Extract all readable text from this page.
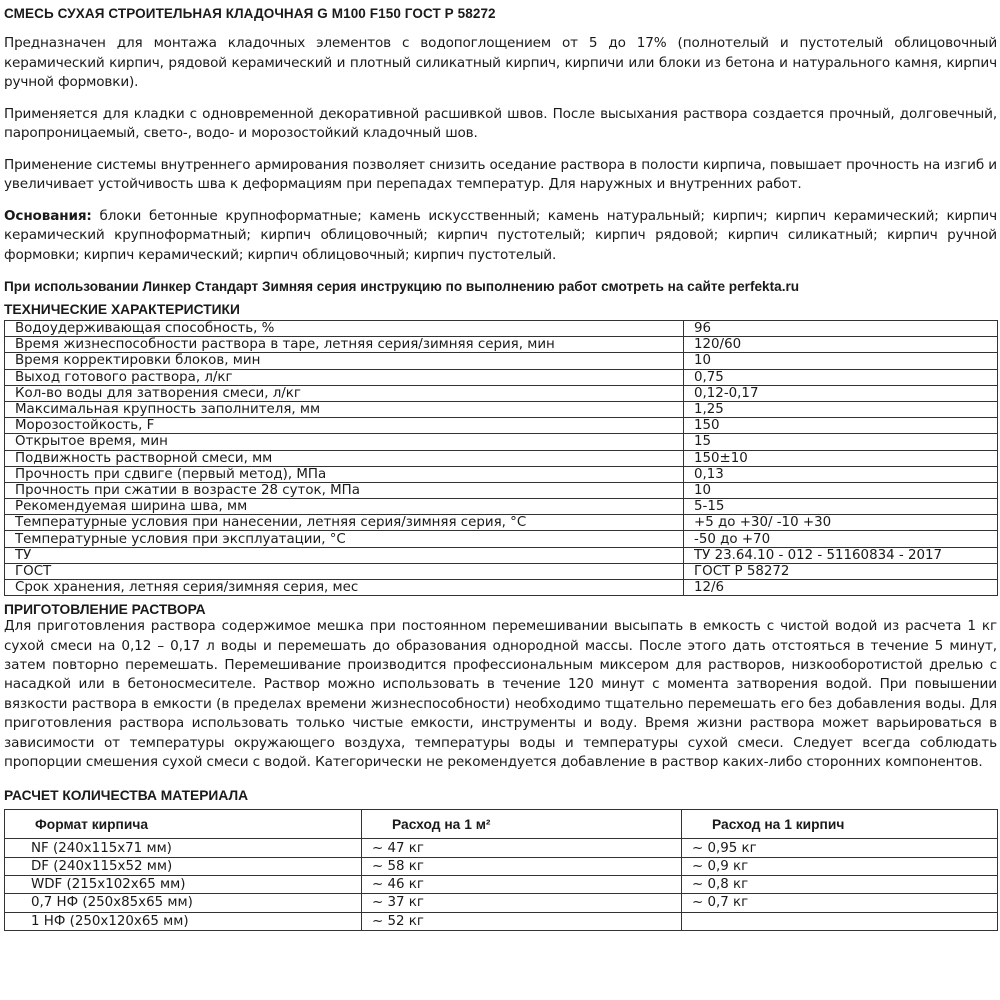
СМЕСЬ СУХАЯ СТРОИТЕЛЬНАЯ КЛАДОЧНАЯ G М100 F150 ГОСТ Р 58272

Предназначен для монтажа кладочных элементов с водопоглощением от 5 до 17% (полнотелый и пустотелый облицовочный керамический кирпич, рядовой керамический и плотный силикатный кирпич, кирпичи или блоки из бетона и натурального камня, кирпич ручной формовки).

Применяется для кладки с одновременной декоративной расшивкой швов. После высыхания раствора создается прочный, долговечный, паропроницаемый, свето-, водо- и морозостойкий кладочный шов.

Применение системы внутреннего армирования позволяет снизить оседание раствора в полости кирпича, повышает прочность на изгиб и увеличивает устойчивость шва к деформациям при перепадах температур. Для наружных и внутренних работ.

Основания: блоки бетонные крупноформатные; камень искусственный; камень натуральный; кирпич; кирпич керамический; кирпич керамический крупноформатный; кирпич облицовочный; кирпич пустотелый; кирпич рядовой; кирпич силикатный; кирпич ручной формовки; кирпич керамический; кирпич облицовочный; кирпич пустотелый.

При использовании Линкер Стандарт Зимняя серия инструкцию по выполнению работ смотреть на сайте perfekta.ru
ТЕХНИЧЕСКИЕ ХАРАКТЕРИСТИКИ
Водоудерживающая способность, %	96
Время жизнеспособности раствора в таре, летняя серия/зимняя серия, мин	120/60
Время корректировки блоков, мин	10
Выход готового раствора, л/кг	0,75
Кол-во воды для затворения смеси, л/кг	0,12-0,17
Максимальная крупность заполнителя, мм	1,25
Морозостойкость, F	150
Открытое время, мин	15
Подвижность растворной смеси, мм	150±10
Прочность при сдвиге (первый метод), МПа	0,13
Прочность при сжатии в возрасте 28 суток, МПа	10
Рекомендуемая ширина шва, мм	5-15
Температурные условия при нанесении, летняя серия/зимняя серия, °С	+5 до +30/ -10 +30
Температурные условия при эксплуатации, °С	-50 до +70
ТУ	ТУ 23.64.10 - 012 - 51160834 - 2017
ГОСТ	ГОСТ Р 58272
Срок хранения, летняя серия/зимняя серия, мес	12/6
ПРИГОТОВЛЕНИЕ РАСТВОРА

Для приготовления раствора содержимое мешка при постоянном перемешивании высыпать в емкость с чистой водой из расчета 1 кг сухой смеси на 0,12 – 0,17 л воды и перемешать до образования однородной массы. После этого дать отстояться в течение 5 минут, затем повторно перемешать. Перемешивание производится профессиональным миксером для растворов, низкооборотистой дрелью с насадкой или в бетоносмесителе. Раствор можно использовать в течение 120 минут с момента затворения водой. При повышении вязкости раствора в емкости (в пределах времени жизнеспособности) необходимо тщательно перемешать его без добавления воды. Для приготовления раствора использовать только чистые емкости, инструменты и воду. Время жизни раствора может варьироваться в зависимости от температуры окружающего воздуха, температуры воды и температуры сухой смеси. Следует всегда соблюдать пропорции смешения сухой смеси с водой. Категорически не рекомендуется добавление в раствор каких-либо сторонних компонентов.

РАСЧЕТ КОЛИЧЕСТВА МАТЕРИАЛА
Формат кирпича	Расход на 1 м²	Расход на 1 кирпич
NF (240x115x71 мм)	~ 47 кг	~ 0,95 кг
DF (240x115x52 мм)	~ 58 кг	~ 0,9 кг
WDF (215x102x65 мм)	~ 46 кг	~ 0,8 кг
0,7 НФ (250x85x65 мм)	~ 37 кг	~ 0,7 кг
1 НФ (250x120x65 мм)	~ 52 кг	
